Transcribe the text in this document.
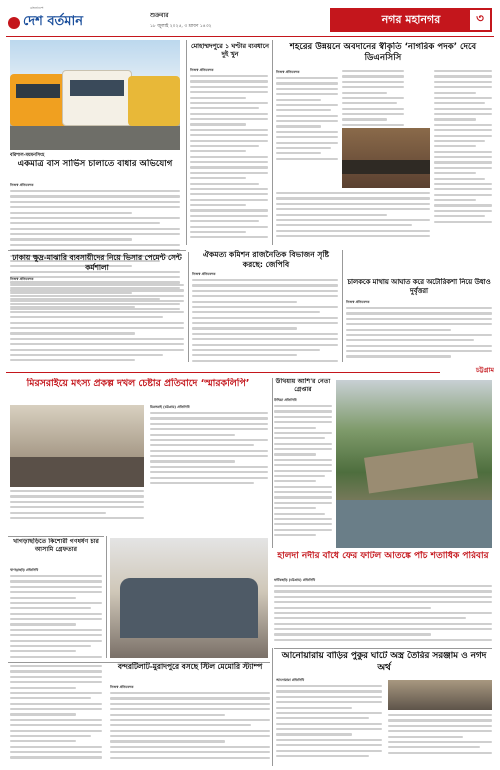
বাংলাদেশ
দেশ বর্তমান	শুক্রবার
১৮ জুলাই ২০২৫, ৩ শ্রাবণ ১৪৩২
নগর মহানগর	৩
বরিশাল-ময়মনসিংহ
একমাত্র বাস সার্ভিস চালাতে বাধার অভিযোগ
নিজস্ব প্রতিবেদক
মোহাম্মদপুরে ১ ঘণ্টার ব্যবধানে দুই খুন
নিজস্ব প্রতিবেদক
শহরের উন্নয়নে অবদানের স্বীকৃতি ‘নাগরিক পদক’ দেবে ডিএনসিসি
নিজস্ব প্রতিবেদক
ঢাকায় ক্ষুদ্র-মাঝারি ব্যবসায়ীদের নিয়ে ভিসার পেমেন্ট সেন্ট কর্মশালা
নিজস্ব প্রতিবেদক
ঐকমত্য কমিশন রাজনৈতিক বিভাজন সৃষ্টি করছে: জেপিবি
নিজস্ব প্রতিবেদক
চালককে মাথায় আঘাত করে অটোরিকশা নিয়ে উধাও দুর্বৃত্তরা
নিজস্ব প্রতিবেদক
চট্টগ্রাম
মিরসরাইয়ে মৎস্য প্রকল্প দখল চেষ্টার প্রতিবাদে ‘স্মারকলিপি’
মিরসরাই (চট্টগ্রাম) প্রতিনিধি
উখিয়ায় আশি'র নেতা গ্রেপ্তার
উখিয়া প্রতিনিধি
খাগড়াছড়িতে কিশোরী গণধর্ষণ চার আসামি গ্রেফতার
খাগড়াছড়ি প্রতিনিধি
হালদা নদীর বাঁধে ফের ফাটল আতঙ্কে পাঁচ শতাধিক পরিবার
ফটিকছড়ি (চট্টগ্রাম) প্রতিনিধি
বন্দরটিলাট-মুরাদপুরে বসছে স্টিল মেমোরি স্ট্যাম্প
নিজস্ব প্রতিবেদক
আনোয়ারায় বাড়ির পুকুর ঘাটে অস্ত্র তৈরির সরঞ্জাম ও নগদ অর্থ
আনোয়ারা প্রতিনিধি
